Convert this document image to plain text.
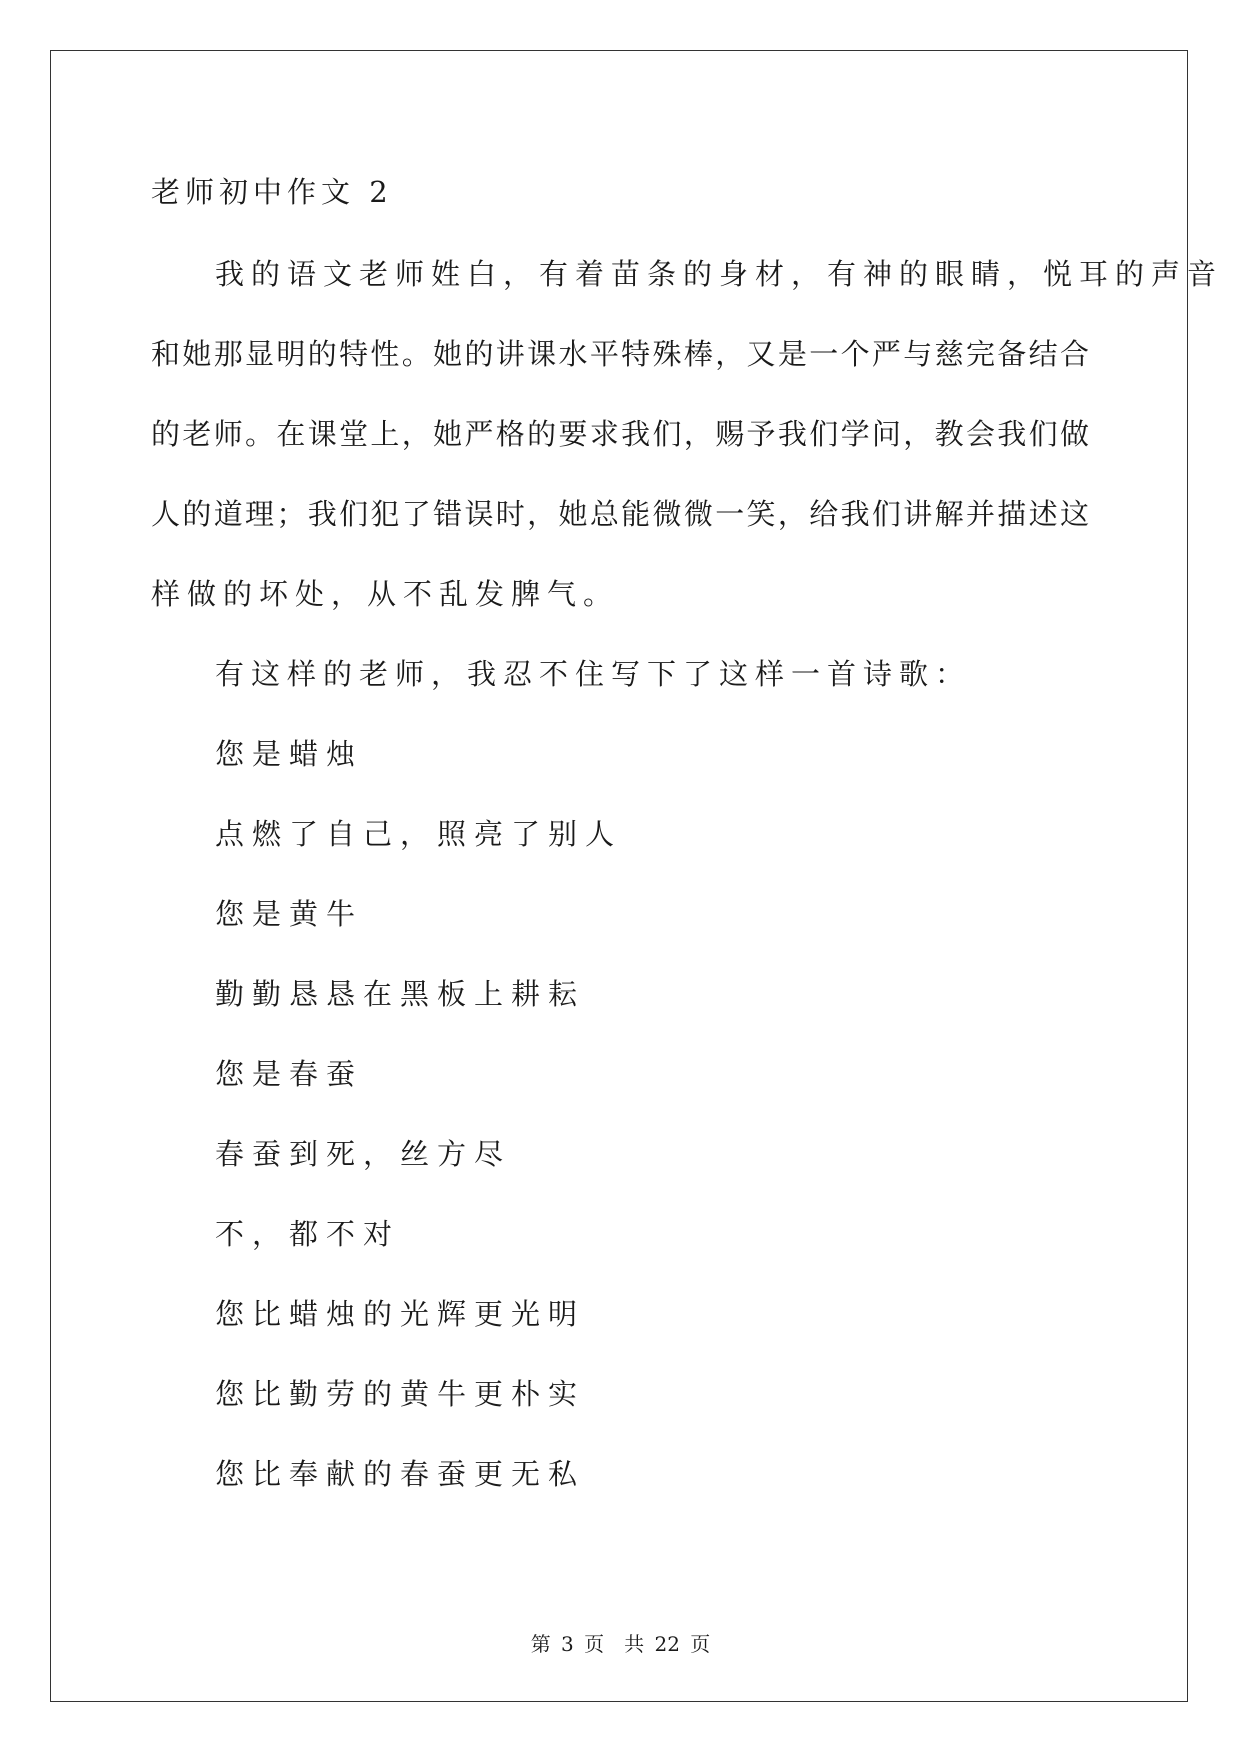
老师初中作文 2
我的语文老师姓白，有着苗条的身材，有神的眼睛，悦耳的声音
和她那显明的特性。她的讲课水平特殊棒，又是一个严与慈完备结合
的老师。在课堂上，她严格的要求我们，赐予我们学问，教会我们做
人的道理；我们犯了错误时，她总能微微一笑，给我们讲解并描述这
样做的坏处，从不乱发脾气。
有这样的老师，我忍不住写下了这样一首诗歌：
您是蜡烛
点燃了自己，照亮了别人
您是黄牛
勤勤恳恳在黑板上耕耘
您是春蚕
春蚕到死，丝方尽
不，都不对
您比蜡烛的光辉更光明
您比勤劳的黄牛更朴实
您比奉献的春蚕更无私
第 3 页　共 22 页
